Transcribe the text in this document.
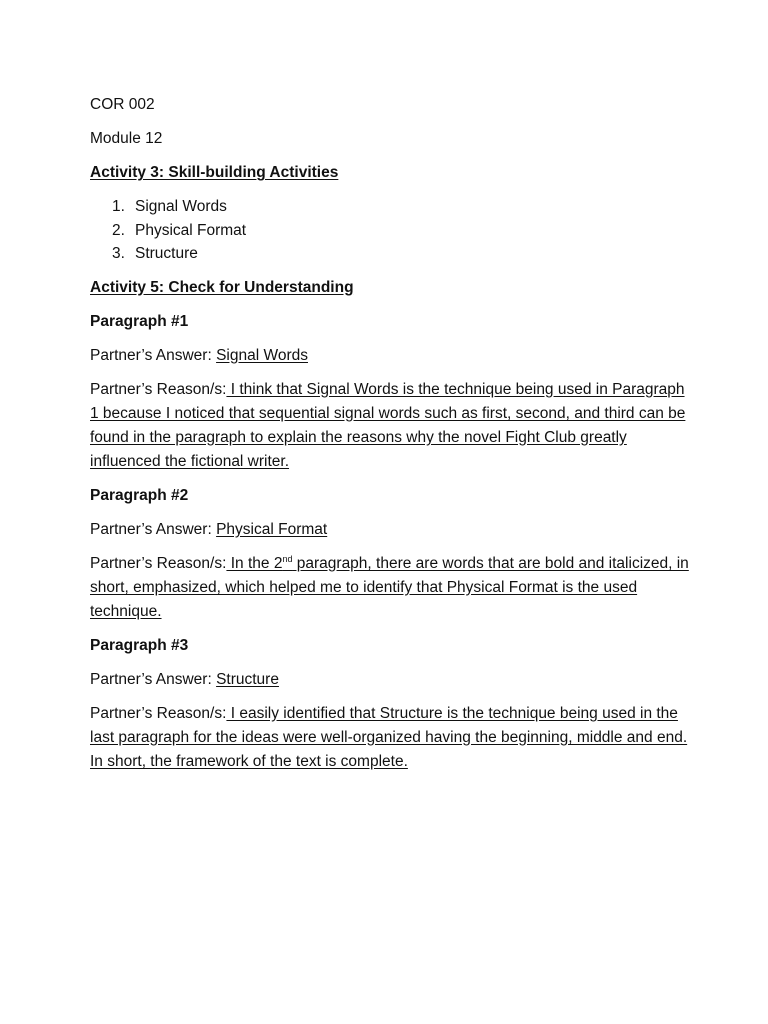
COR 002

Module 12

Activity 3: Skill-building Activities

1. Signal Words
2. Physical Format
3. Structure

Activity 5: Check for Understanding

Paragraph #1

Partner’s Answer: Signal Words

Partner’s Reason/s: I think that Signal Words is the technique being used in Paragraph 1 because I noticed that sequential signal words such as first, second, and third can be found in the paragraph to explain the reasons why the novel Fight Club greatly influenced the fictional writer.

Paragraph #2

Partner’s Answer: Physical Format

Partner’s Reason/s: In the 2nd paragraph, there are words that are bold and italicized, in short, emphasized, which helped me to identify that Physical Format is the used technique.

Paragraph #3

Partner’s Answer: Structure

Partner’s Reason/s: I easily identified that Structure is the technique being used in the last paragraph for the ideas were well-organized having the beginning, middle and end. In short, the framework of the text is complete.
